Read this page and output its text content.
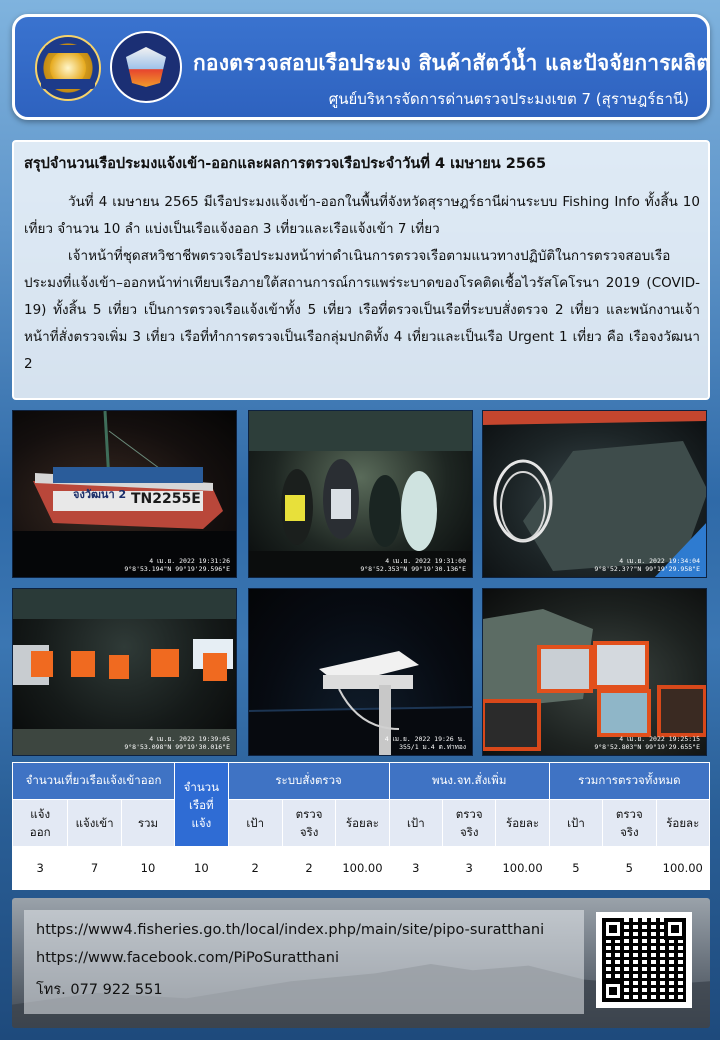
กองตรวจสอบเรือประมง สินค้าสัตว์น้ำ และปัจจัยการผลิต
ศูนย์บริหารจัดการด่านตรวจประมงเขต 7 (สุราษฎร์ธานี)
สรุปจำนวนเรือประมงแจ้งเข้า-ออกและผลการตรวจเรือประจำวันที่ 4 เมษายน 2565

วันที่ 4 เมษายน 2565 มีเรือประมงแจ้งเข้า-ออกในพื้นที่จังหวัดสุราษฎร์ธานีผ่านระบบ Fishing Info ทั้งสิ้น 10 เที่ยว จำนวน 10 ลำ แบ่งเป็นเรือแจ้งออก 3 เที่ยวและเรือแจ้งเข้า 7 เที่ยว

เจ้าหน้าที่ชุดสหวิชาชีพตรวจเรือประมงหน้าท่าดำเนินการตรวจเรือตามแนวทางปฏิบัติในการตรวจสอบเรือประมงที่แจ้งเข้า–ออกหน้าท่าเทียบเรือภายใต้สถานการณ์การแพร่ระบาดของโรคติดเชื้อไวรัสโคโรนา 2019 (COVID-19) ทั้งสิ้น 5 เที่ยว เป็นการตรวจเรือแจ้งเข้าทั้ง 5 เที่ยว เรือที่ตรวจเป็นเรือที่ระบบสั่งตรวจ 2 เที่ยว และพนักงานเจ้าหน้าที่สั่งตรวจเพิ่ม 3 เที่ยว เรือที่ทำการตรวจเป็นเรือกลุ่มปกติทั้ง 4 เที่ยวและเป็นเรือ Urgent 1 เที่ยว คือ เรือจงวัฒนา 2

จงวัฒนา 2 TN2255E
4 เม.ย. 2022 19:31:26
9°8'53.194"N 99°19'29.596"E
4 เม.ย. 2022 19:31:00
9°8'52.353"N 99°19'30.136"E
4 เม.ย. 2022 19:34:04
9°8'52.3??"N 99°19'29.958"E
4 เม.ย. 2022 19:39:05
9°8'53.098"N 99°19'30.016"E
4 เม.ย. 2022 19:26 น.
355/1 ม.4 ต.ท่าทอง
4 เม.ย. 2022 19:25:15
9°8'52.803"N 99°19'29.655"E
จำนวนเที่ยวเรือแจ้งเข้าออก			จำนวนเรือที่แจ้ง	ระบบสั่งตรวจ			พนง.จท.สั่งเพิ่ม			รวมการตรวจทั้งหมด		
แจ้งออก	แจ้งเข้า	รวม		เป้า	ตรวจจริง	ร้อยละ	เป้า	ตรวจจริง	ร้อยละ	เป้า	ตรวจจริง	ร้อยละ
3	7	10	10	2	2	100.00	3	3	100.00	5	5	100.00
https://www4.fisheries.go.th/local/index.php/main/site/pipo-suratthani
https://www.facebook.com/PiPoSuratthani
โทร. 077 922 551
